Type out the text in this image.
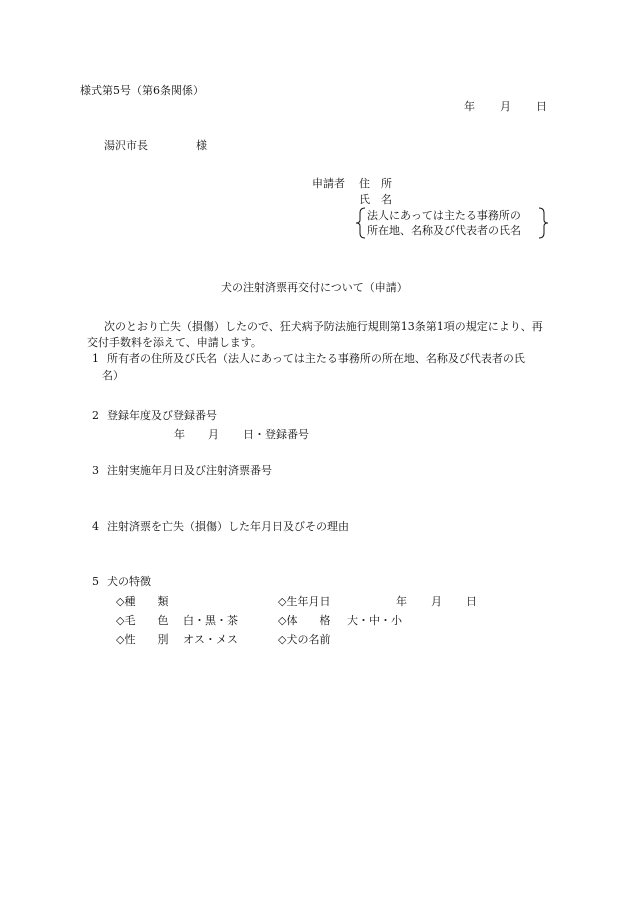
様式第5号（第6条関係）
年 月 日
湯沢市長	様
申請者 住　所
氏　名
法人にあっては主たる事務所の
所在地、名称及び代表者の氏名
犬の注射済票再交付について（申請）
次のとおり亡失（損傷）したので、狂犬病予防法施行規則第13条第1項の規定により、再
交付手数料を添えて、申請します。
1 所有者の住所及び氏名（法人にあっては主たる事務所の所在地、名称及び代表者の氏
名）
2 登録年度及び登録番号
年 月 日・登録番号
3 注射実施年月日及び注射済票番号
4 注射済票を亡失（損傷）した年月日及びその理由
5 犬の特徴
◇種　　類	◇生年月日	年 月 日
◇毛　　色 白・黒・茶	◇体　　格 大・中・小
◇性　　別 オス・メス	◇犬の名前
